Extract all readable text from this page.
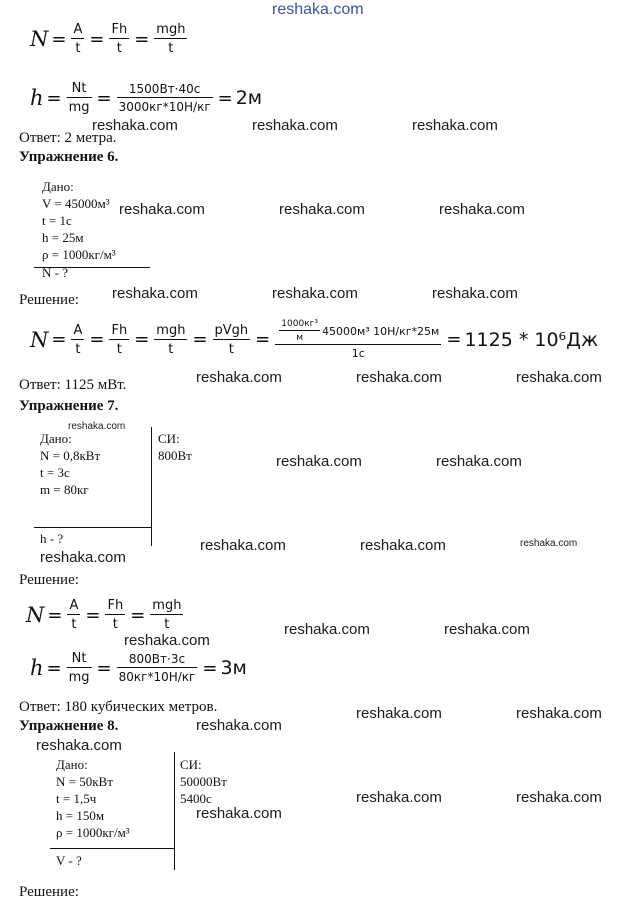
reshaka.com
$N = \frac{A}{t} = \frac{Fh}{t} = \frac{\text{mgh}}{t}$
$h = \frac{Nt}{mg} = \frac{1500Вт\cdot 40с}{3000кг*10Н/кг} = 2м$
Ответ: 2 метра.
reshaka.com	reshaka.com	reshaka.com
Упражнение 6.
Дано:
V = 45000м³
t = 1с
h = 25м
ρ = 1000кг/м³
N - ?
reshaka.com	reshaka.com	reshaka.com
Решение: reshaka.com	reshaka.com	reshaka.com
$N = \frac{A}{t} = \frac{Fh}{t} = \frac{\text{mgh}}{t} = \frac{\text{pVgh}}{t} = \frac{\frac{\text{1000кг³}}{м} 45000м^3 10Н/кг*25м}{1с} = 1125 * 10^6Дж$
Ответ: 1125 мВт.	reshaka.com	reshaka.com	reshaka.com
Упражнение 7.
reshaka.com
Дано:
N = 0,8кВт
t = 3с
m = 80кг
h - ?
СИ:
800Вт	reshaka.com	reshaka.com
reshaka.com
reshaka.com	reshaka.com	reshaka.com
Решение:
$N = \frac{A}{t} = \frac{Fh}{t} = \frac{\text{mgh}}{t}$
reshaka.com
reshaka.com	reshaka.com
$h = \frac{Nt}{mg} = \frac{800Вт\cdot 3с}{80кг*10Н/кг} = 3м$
Ответ: 180 кубических метров.
Упражнение 8.	reshaka.com
reshaka.com	reshaka.com
reshaka.com
Дано:
N = 50кВт
t = 1,5ч
h = 150м
ρ = 1000кг/м³
V - ?
СИ:
50000Вт
5400с
reshaka.com
reshaka.com	reshaka.com
Решение:
